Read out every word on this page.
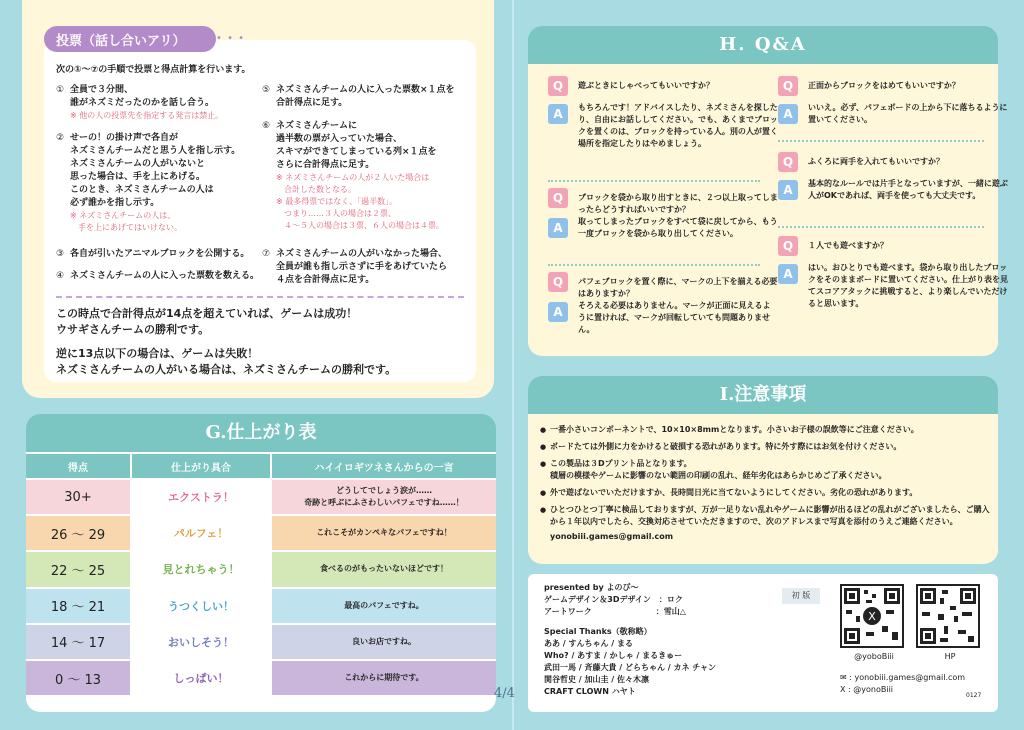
投票（話し合いアリ）	• • •
次の①〜⑦の手順で投票と得点計算を行います。
① 全員で３分間、
誰がネズミだったのかを話し合う。
※ 他の人の投票先を指定する発言は禁止。
② せーの！の掛け声で各自が
ネズミさんチームだと思う人を指し示す。
ネズミさんチームの人がいないと
思った場合は、手を上にあげる。
このとき、ネズミさんチームの人は
必ず誰かを指し示す。
※ ネズミさんチームの人は、
　手を上にあげてはいけない。
③ 各自が引いたアニマルブロックを公開する。
④ ネズミさんチームの人に入った票数を数える。
⑤ ネズミさんチームの人に入った票数×１点を
合計得点に足す。
⑥ ネズミさんチームに
過半数の票が入っていた場合、
スキマができてしまっている列×１点を
さらに合計得点に足す。
※ ネズミさんチームの人が２人いた場合は
　合計した数となる。
※ 最多得票ではなく、「過半数」。
　つまり……３人の場合は２票、
　４〜５人の場合は３票、６人の場合は４票。
⑦ ネズミさんチームの人がいなかった場合、
全員が誰も指し示さずに手をあげていたら
４点を合計得点に足す。
この時点で合計得点が14点を超えていれば、ゲームは成功！
ウサギさんチームの勝利です。
逆に13点以下の場合は、ゲームは失敗！
ネズミさんチームの人がいる場合は、ネズミさんチームの勝利です。
G.仕上がり表
得点	仕上がり具合	ハイイロギツネさんからの一言
30+	エクストラ！
どうしてでしょう涙が……
奇跡と呼ぶにふさわしいパフェですね……！
26 〜 29	パルフェ！	これこそがカンペキなパフェですね！
22 〜 25	見とれちゃう！	食べるのがもったいないほどです！
18 〜 21	うつくしい！	最高のパフェですね。
14 〜 17	おいしそう！	良いお店ですね。
0 〜 13	しっぱい！	これからに期待です。
4/4
H. Q&A
Q	遊ぶときにしゃべってもいいですか？
A	もちろんです！アドバイスしたり、ネズミさんを探したり、自由にお話ししてください。でも、あくまでブロックを置くのは、ブロックを持っている人。別の人が置く場所を指定したりはやめましょう。
Q	ブロックを袋から取り出すときに、２つ以上取ってしまったらどうすればいいですか？
A	取ってしまったブロックをすべて袋に戻してから、もう一度ブロックを袋から取り出してください。
Q	パフェブロックを置く際に、マークの上下を揃える必要はありますか？
A	そろえる必要はありません。マークが正面に見えるように置ければ、マークが回転していても問題ありません。
Q	正面からブロックをはめてもいいですか？
A	いいえ。必ず、パフェボードの上から下に落ちるように置いてください。
Q	ふくろに両手を入れてもいいですか？
A	基本的なルールでは片手となっていますが、一緒に遊ぶ人がOKであれば、両手を使っても大丈夫です。
Q	１人でも遊べますか？
A	はい。おひとりでも遊べます。袋から取り出したブロックをそのままボードに置いてください。仕上がり表を見てスコアアタックに挑戦すると、より楽しんでいただけると思います。
I.注意事項
● 一番小さいコンポーネントで、10×10×8mmとなります。小さいお子様の誤飲等にご注意ください。
● ボードたては外側に力をかけると破損する恐れがあります。特に外す際にはお気を付けください。
● この製品は３Dプリント品となります。
積層の模様やゲームに影響のない範囲の印刷の乱れ、経年劣化はあらかじめご了承ください。
● 外で遊ばないでいただけますか、長時間日光に当てないようにしてください。劣化の恐れがあります。
● ひとつひとつ丁寧に検品しておりますが、万が一足りない乱れやゲームに影響が出るほどの乱れがございましたら、ご購入から１年以内でしたら、交換対応させていただきますので、次のアドレスまで写真を添付のうえご連絡ください。
yonobiii.games@gmail.com
presented by よのび〜
ゲームデザイン＆3Dデザイン　：ロク
アートワーク　　　　　　　　：雪山△
Special Thanks（敬称略）
ああ / すんちゃん / まる
Who? / あすま / かしゃ / まるきゅー
武田一馬 / 斉藤大貴 / どらちゃん / カネ チャン
関谷哲史 / 加山圭 / 佐々木凛
CRAFT CLOWN ハヤト
初 版
X
@yoboBiii	HP
✉ : yonobiii.games@gmail.com
X : @yonoBiii
0127
